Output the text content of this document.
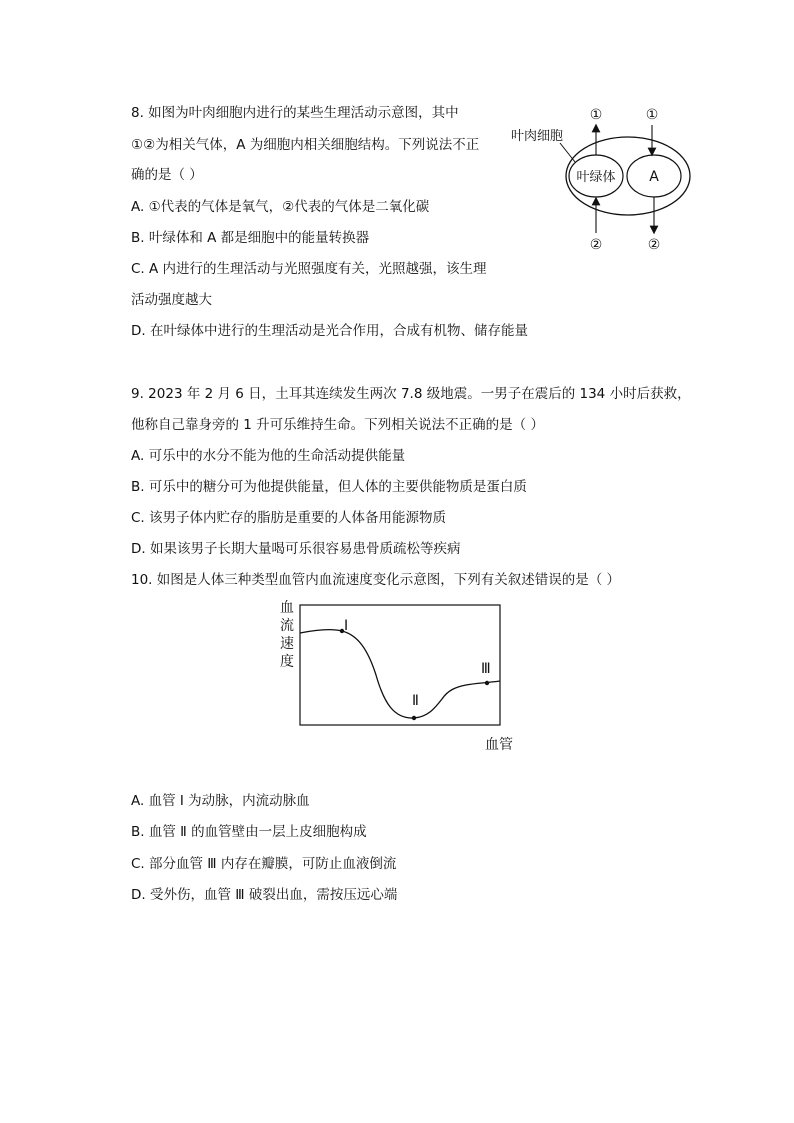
8. 如图为叶肉细胞内进行的某些生理活动示意图，其中
①②为相关气体，A 为细胞内相关细胞结构。下列说法不正
确的是（ ）
A. ①代表的气体是氧气，②代表的气体是二氧化碳
B. 叶绿体和 A 都是细胞中的能量转换器
C. A 内进行的生理活动与光照强度有关，光照越强，该生理
活动强度越大
D. 在叶绿体中进行的生理活动是光合作用，合成有机物、储存能量
叶肉细胞
叶绿体 A
①	①
②	②
9. 2023 年 2 月 6 日，土耳其连续发生两次 7.8 级地震。一男子在震后的 134 小时后获救，
他称自己靠身旁的 1 升可乐维持生命。下列相关说法不正确的是（ ）
A. 可乐中的水分不能为他的生命活动提供能量
B. 可乐中的糖分可为他提供能量，但人体的主要供能物质是蛋白质
C. 该男子体内贮存的脂肪是重要的人体备用能源物质
D. 如果该男子长期大量喝可乐很容易患骨质疏松等疾病
10. 如图是人体三种类型血管内血流速度变化示意图，下列有关叙述错误的是（ ）
血
流
速
度
血管
I
Ⅱ
Ⅲ
A. 血管 I 为动脉，内流动脉血
B. 血管 Ⅱ 的血管壁由一层上皮细胞构成
C. 部分血管 Ⅲ 内存在瓣膜，可防止血液倒流
D. 受外伤，血管 Ⅲ 破裂出血，需按压远心端
